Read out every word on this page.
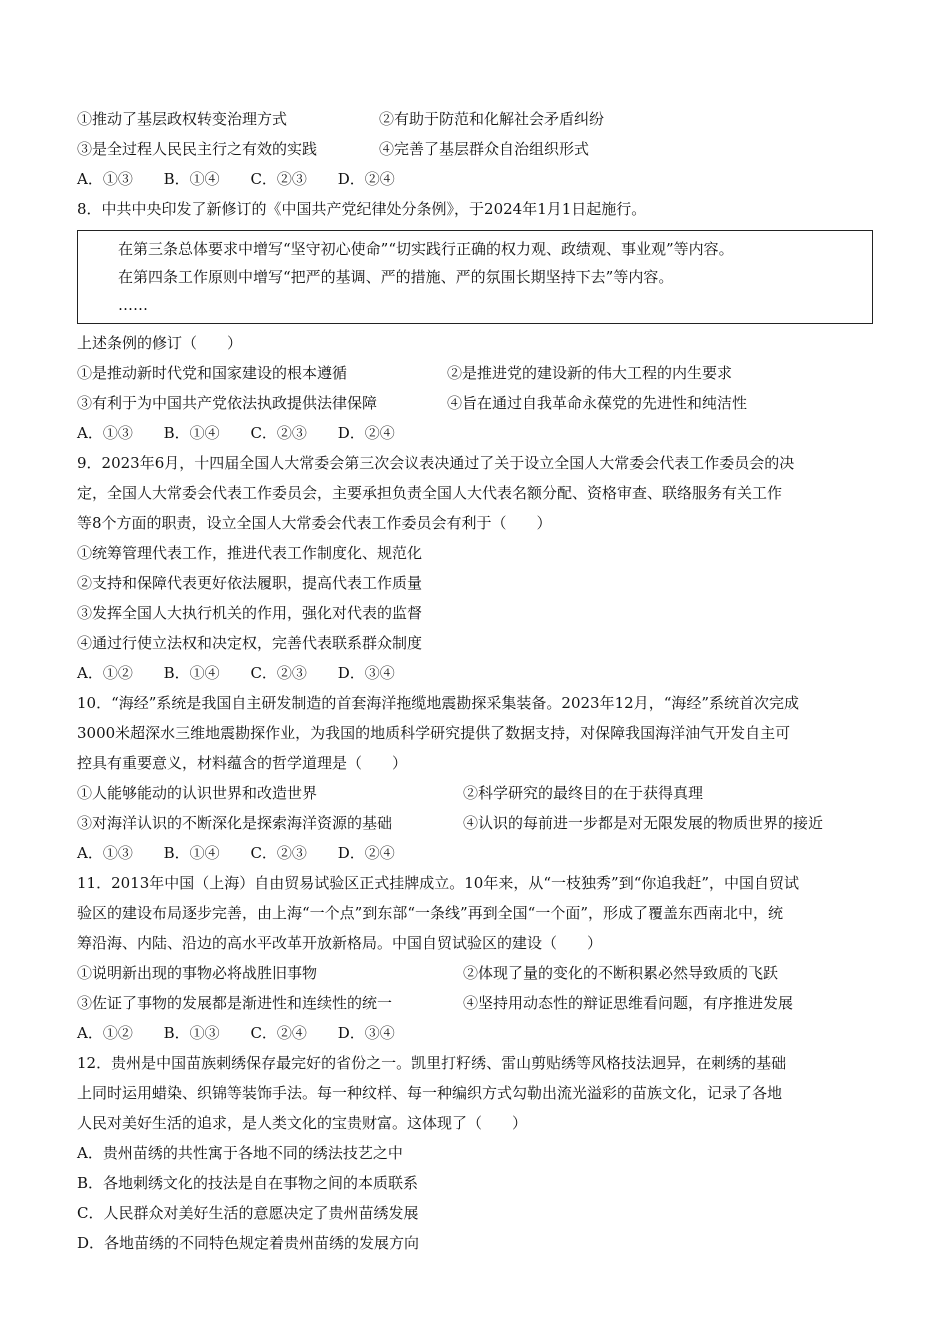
①推动了基层政权转变治理方式	②有助于防范和化解社会矛盾纠纷
③是全过程人民民主行之有效的实践	④完善了基层群众自治组织形式
A．①③ B．①④ C．②③ D．②④
8．中共中央印发了新修订的《中国共产党纪律处分条例》，于2024年1月1日起施行。
在第三条总体要求中增写“坚守初心使命”“切实践行正确的权力观、政绩观、事业观”等内容。
在第四条工作原则中增写“把严的基调、严的措施、严的氛围长期坚持下去”等内容。
……
上述条例的修订（　　）
①是推动新时代党和国家建设的根本遵循	②是推进党的建设新的伟大工程的内生要求
③有利于为中国共产党依法执政提供法律保障	④旨在通过自我革命永葆党的先进性和纯洁性
A．①③ B．①④ C．②③ D．②④
9．2023年6月，十四届全国人大常委会第三次会议表决通过了关于设立全国人大常委会代表工作委员会的决
定，全国人大常委会代表工作委员会，主要承担负责全国人大代表名额分配、资格审查、联络服务有关工作
等8个方面的职责，设立全国人大常委会代表工作委员会有利于（　　）
①统筹管理代表工作，推进代表工作制度化、规范化
②支持和保障代表更好依法履职，提高代表工作质量
③发挥全国人大执行机关的作用，强化对代表的监督
④通过行使立法权和决定权，完善代表联系群众制度
A．①② B．①④ C．②③ D．③④
10．“海经”系统是我国自主研发制造的首套海洋拖缆地震勘探采集装备。2023年12月，“海经”系统首次完成
3000米超深水三维地震勘探作业，为我国的地质科学研究提供了数据支持，对保障我国海洋油气开发自主可
控具有重要意义，材料蕴含的哲学道理是（　　）
①人能够能动的认识世界和改造世界	②科学研究的最终目的在于获得真理
③对海洋认识的不断深化是探索海洋资源的基础	④认识的每前进一步都是对无限发展的物质世界的接近
A．①③ B．①④ C．②③ D．②④
11．2013年中国（上海）自由贸易试验区正式挂牌成立。10年来，从“一枝独秀”到“你追我赶”，中国自贸试
验区的建设布局逐步完善，由上海“一个点”到东部“一条线”再到全国“一个面”，形成了覆盖东西南北中，统
筹沿海、内陆、沿边的高水平改革开放新格局。中国自贸试验区的建设（　　）
①说明新出现的事物必将战胜旧事物	②体现了量的变化的不断积累必然导致质的飞跃
③佐证了事物的发展都是渐进性和连续性的统一	④坚持用动态性的辩证思维看问题，有序推进发展
A．①② B．①③ C．②④ D．③④
12．贵州是中国苗族刺绣保存最完好的省份之一。凯里打籽绣、雷山剪贴绣等风格技法迥异，在刺绣的基础
上同时运用蜡染、织锦等装饰手法。每一种纹样、每一种编织方式勾勒出流光溢彩的苗族文化，记录了各地
人民对美好生活的追求，是人类文化的宝贵财富。这体现了（　　）
A．贵州苗绣的共性寓于各地不同的绣法技艺之中
B．各地刺绣文化的技法是自在事物之间的本质联系
C．人民群众对美好生活的意愿决定了贵州苗绣发展
D．各地苗绣的不同特色规定着贵州苗绣的发展方向
